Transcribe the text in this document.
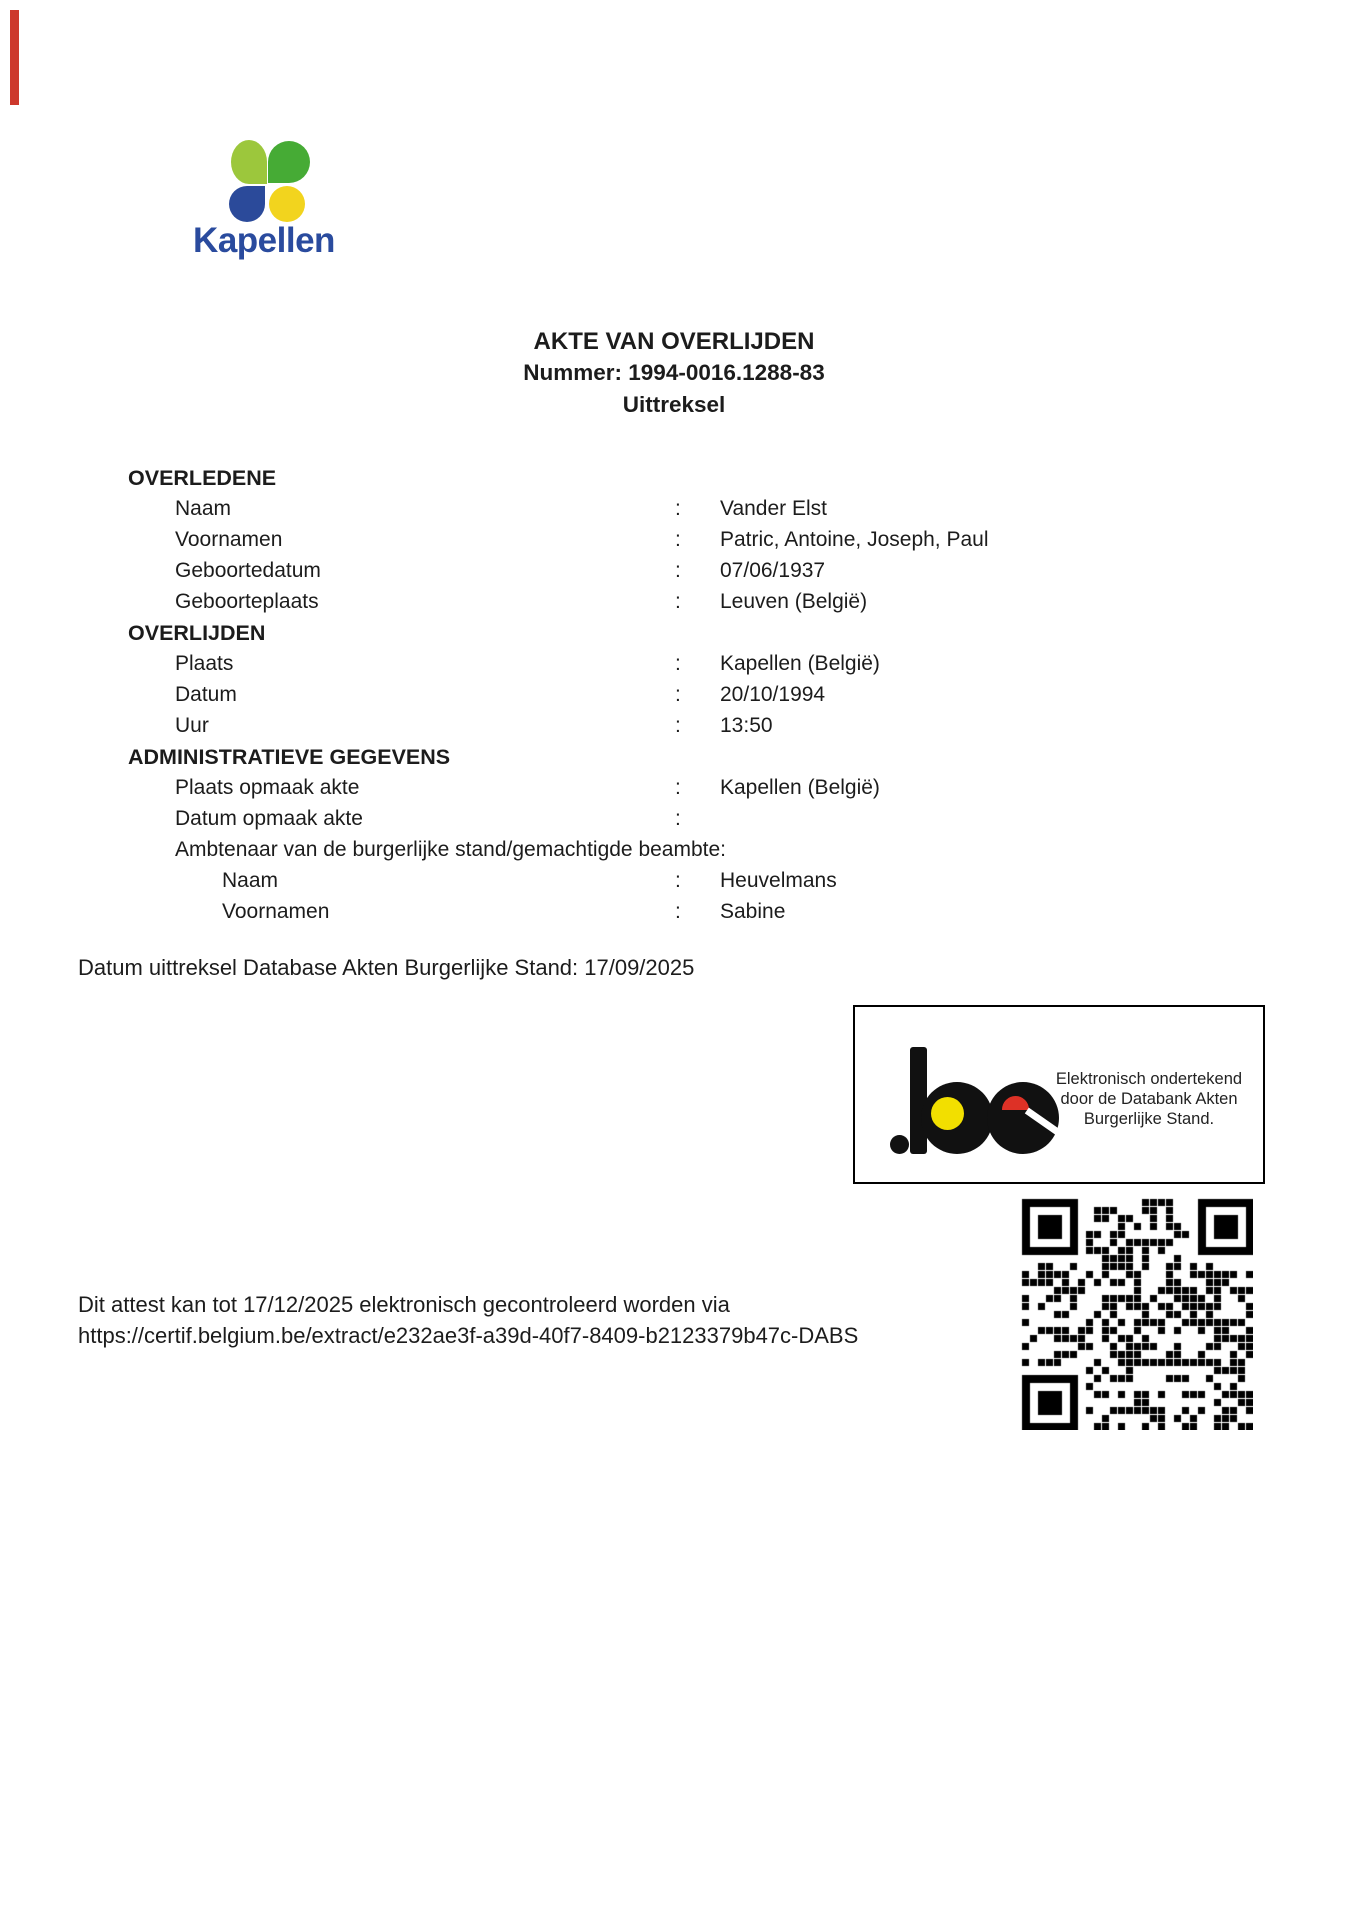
Kapellen
AKTE VAN OVERLIJDEN
Nummer: 1994-0016.1288-83
Uittreksel
OVERLEDENE
Naam	: Vander Elst
Voornamen	: Patric, Antoine, Joseph, Paul
Geboortedatum	: 07/06/1937
Geboorteplaats	: Leuven (België)
OVERLIJDEN
Plaats	: Kapellen (België)
Datum	: 20/10/1994
Uur	: 13:50
ADMINISTRATIEVE GEGEVENS
Plaats opmaak akte	: Kapellen (België)
Datum opmaak akte	:
Ambtenaar van de burgerlijke stand/gemachtigde beambte:
Naam	: Heuvelmans
Voornamen	: Sabine
Datum uittreksel Database Akten Burgerlijke Stand: 17/09/2025
Elektronisch ondertekend
door de Databank Akten
Burgerlijke Stand.
Dit attest kan tot 17/12/2025 elektronisch gecontroleerd worden via
https://certif.belgium.be/extract/e232ae3f-a39d-40f7-8409-b2123379b47c-DABS
